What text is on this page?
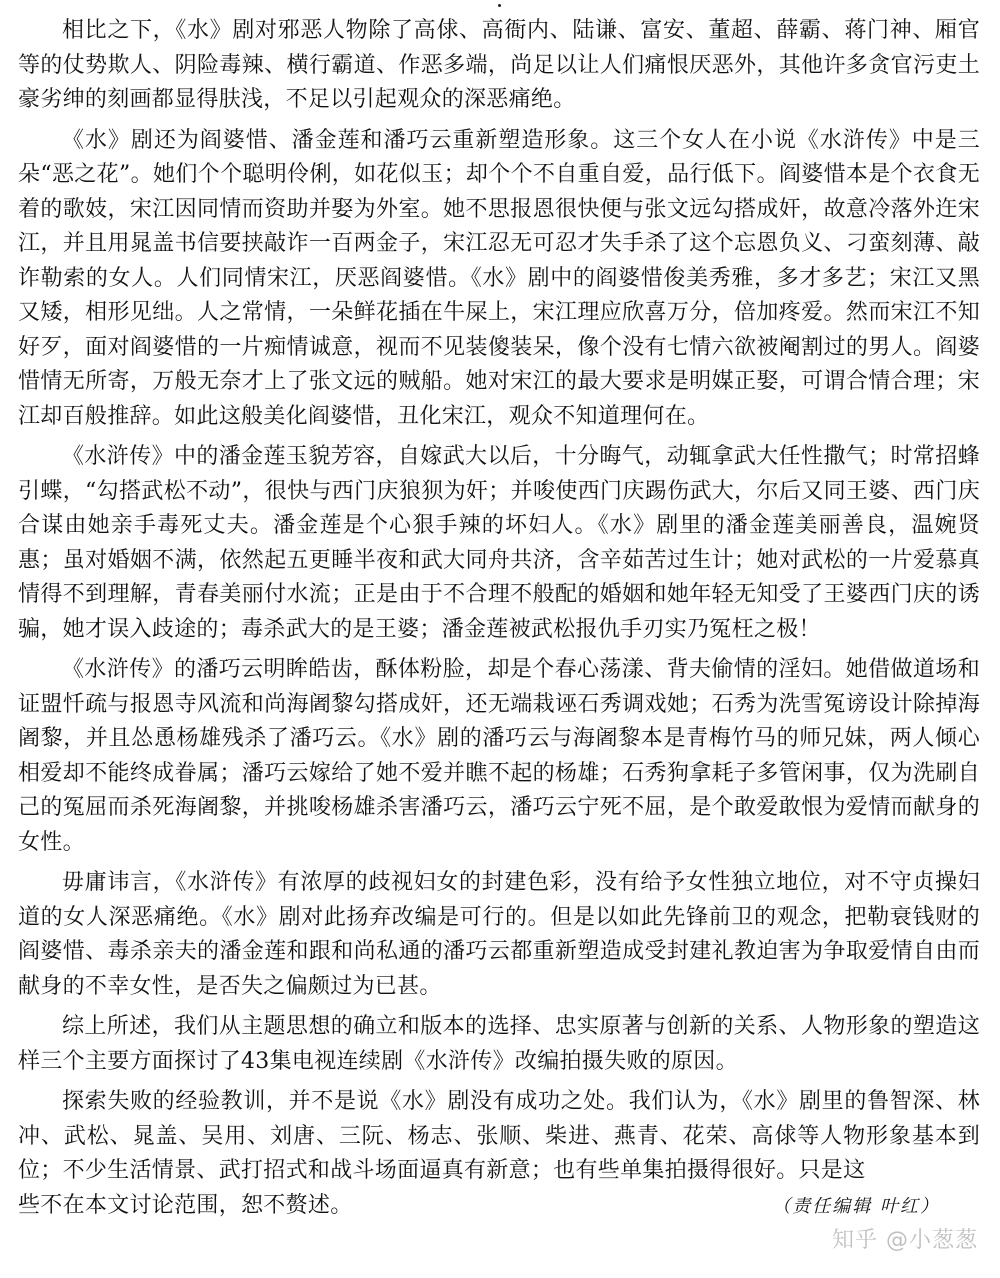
相比之下，《水》剧对邪恶人物除了高俅、高衙内、陆谦、富安、董超、薛霸、蒋门神、厢官等的仗势欺人、阴险毒辣、横行霸道、作恶多端，尚足以让人们痛恨厌恶外，其他许多贪官污吏土豪劣绅的刻画都显得肤浅，不足以引起观众的深恶痛绝。

《水》剧还为阎婆惜、潘金莲和潘巧云重新塑造形象。这三个女人在小说《水浒传》中是三朵“恶之花”。她们个个聪明伶俐，如花似玉；却个个不自重自爱，品行低下。阎婆惜本是个衣食无着的歌妓，宋江因同情而资助并娶为外室。她不思报恩很快便与张文远勾搭成奸，故意冷落外迕宋江，并且用晁盖书信要挟敲诈一百两金子，宋江忍无可忍才失手杀了这个忘恩负义、刁蛮刻薄、敲诈勒索的女人。人们同情宋江，厌恶阎婆惜。《水》剧中的阎婆惜俊美秀雅，多才多艺；宋江又黑又矮，相形见绌。人之常情，一朵鲜花插在牛屎上，宋江理应欣喜万分，倍加疼爱。然而宋江不知好歹，面对阎婆惜的一片痴情诚意，视而不见装傻装呆，像个没有七情六欲被阉割过的男人。阎婆惜情无所寄，万般无奈才上了张文远的贼船。她对宋江的最大要求是明媒正娶，可谓合情合理；宋江却百般推辞。如此这般美化阎婆惜，丑化宋江，观众不知道理何在。

《水浒传》中的潘金莲玉貌芳容，自嫁武大以后，十分晦气，动辄拿武大任性撒气；时常招蜂引蝶，“勾搭武松不动”，很快与西门庆狼狈为奸；并唆使西门庆踢伤武大，尔后又同王婆、西门庆合谋由她亲手毒死丈夫。潘金莲是个心狠手辣的坏妇人。《水》剧里的潘金莲美丽善良，温婉贤惠；虽对婚姻不满，依然起五更睡半夜和武大同舟共济，含辛茹苦过生计；她对武松的一片爱慕真情得不到理解，青春美丽付水流；正是由于不合理不般配的婚姻和她年轻无知受了王婆西门庆的诱骗，她才误入歧途的；毒杀武大的是王婆；潘金莲被武松报仇手刃实乃冤枉之极！

《水浒传》的潘巧云明眸皓齿，酥体粉脸，却是个春心荡漾、背夫偷情的淫妇。她借做道场和证盟忏疏与报恩寺风流和尚海阇黎勾搭成奸，还无端栽诬石秀调戏她；石秀为洗雪冤谤设计除掉海阇黎，并且怂恿杨雄残杀了潘巧云。《水》剧的潘巧云与海阇黎本是青梅竹马的师兄妹，两人倾心相爱却不能终成眷属；潘巧云嫁给了她不爱并瞧不起的杨雄；石秀狗拿耗子多管闲事，仅为洗刷自己的冤屈而杀死海阇黎，并挑唆杨雄杀害潘巧云，潘巧云宁死不屈，是个敢爱敢恨为爱情而献身的女性。

毋庸讳言，《水浒传》有浓厚的歧视妇女的封建色彩，没有给予女性独立地位，对不守贞操妇道的女人深恶痛绝。《水》剧对此扬弃改编是可行的。但是以如此先锋前卫的观念，把勒衰钱财的阎婆惜、毒杀亲夫的潘金莲和跟和尚私通的潘巧云都重新塑造成受封建礼教迫害为争取爱情自由而献身的不幸女性，是否失之偏颇过为已甚。

综上所述，我们从主题思想的确立和版本的选择、忠实原著与创新的关系、人物形象的塑造这样三个主要方面探讨了43集电视连续剧《水浒传》改编拍摄失败的原因。

探索失败的经验教训，并不是说《水》剧没有成功之处。我们认为，《水》剧里的鲁智深、林冲、武松、晁盖、吴用、刘唐、三阮、杨志、张顺、柴进、燕青、花荣、高俅等人物形象基本到位；不少生活情景、武打招式和战斗场面逼真有新意；也有些单集拍摄得很好。只是这

些不在本文讨论范围，恕不赘述。	（责任编辑 叶红）
知乎 @小葱葱
